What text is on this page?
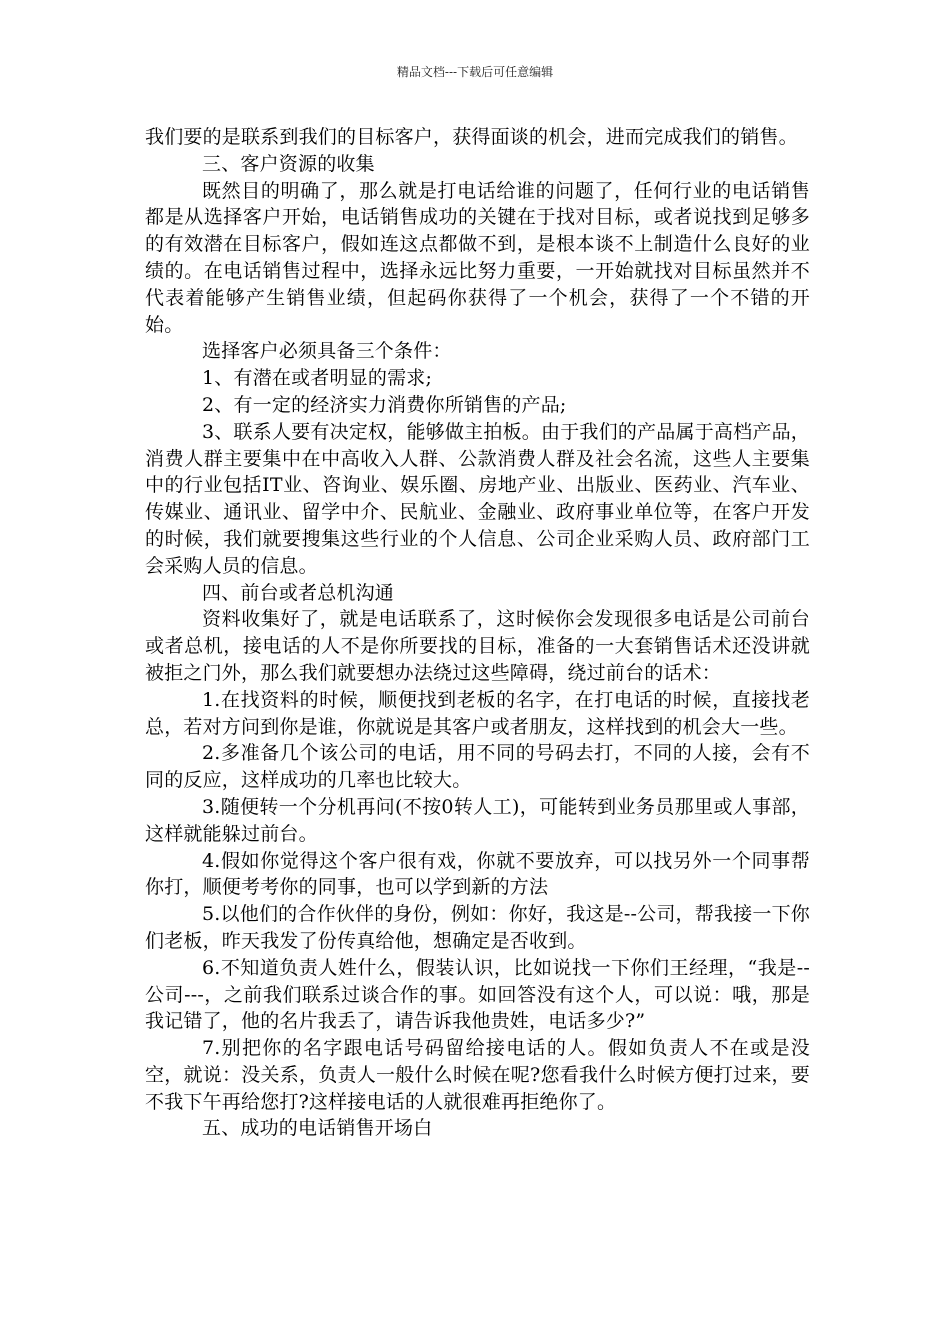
精品文档---下载后可任意编辑

我们要的是联系到我们的目标客户，获得面谈的机会，进而完成我们的销售。

三、客户资源的收集

既然目的明确了，那么就是打电话给谁的问题了，任何行业的电话销售都是从选择客户开始，电话销售成功的关键在于找对目标，或者说找到足够多的有效潜在目标客户，假如连这点都做不到，是根本谈不上制造什么良好的业绩的。在电话销售过程中，选择永远比努力重要，一开始就找对目标虽然并不代表着能够产生销售业绩，但起码你获得了一个机会，获得了一个不错的开始。

选择客户必须具备三个条件：

1、有潜在或者明显的需求;

2、有一定的经济实力消费你所销售的产品;

3、联系人要有决定权，能够做主拍板。由于我们的产品属于高档产品，消费人群主要集中在中高收入人群、公款消费人群及社会名流，这些人主要集中的行业包括IT业、咨询业、娱乐圈、房地产业、出版业、医药业、汽车业、传媒业、通讯业、留学中介、民航业、金融业、政府事业单位等，在客户开发的时候，我们就要搜集这些行业的个人信息、公司企业采购人员、政府部门工会采购人员的信息。

四、前台或者总机沟通

资料收集好了，就是电话联系了，这时候你会发现很多电话是公司前台或者总机，接电话的人不是你所要找的目标，准备的一大套销售话术还没讲就被拒之门外，那么我们就要想办法绕过这些障碍，绕过前台的话术：

1.在找资料的时候，顺便找到老板的名字，在打电话的时候，直接找老总，若对方问到你是谁，你就说是其客户或者朋友，这样找到的机会大一些。

2.多准备几个该公司的电话，用不同的号码去打，不同的人接，会有不同的反应，这样成功的几率也比较大。

3.随便转一个分机再问(不按0转人工)，可能转到业务员那里或人事部，这样就能躲过前台。

4.假如你觉得这个客户很有戏，你就不要放弃，可以找另外一个同事帮你打，顺便考考你的同事，也可以学到新的方法

5.以他们的合作伙伴的身份，例如：你好，我这是--公司，帮我接一下你们老板，昨天我发了份传真给他，想确定是否收到。

6.不知道负责人姓什么，假装认识，比如说找一下你们王经理，“我是--公司---，之前我们联系过谈合作的事。如回答没有这个人，可以说：哦，那是我记错了，他的名片我丢了，请告诉我他贵姓，电话多少?”

7.别把你的名字跟电话号码留给接电话的人。假如负责人不在或是没空，就说：没关系，负责人一般什么时候在呢?您看我什么时候方便打过来，要不我下午再给您打?这样接电话的人就很难再拒绝你了。

五、成功的电话销售开场白
